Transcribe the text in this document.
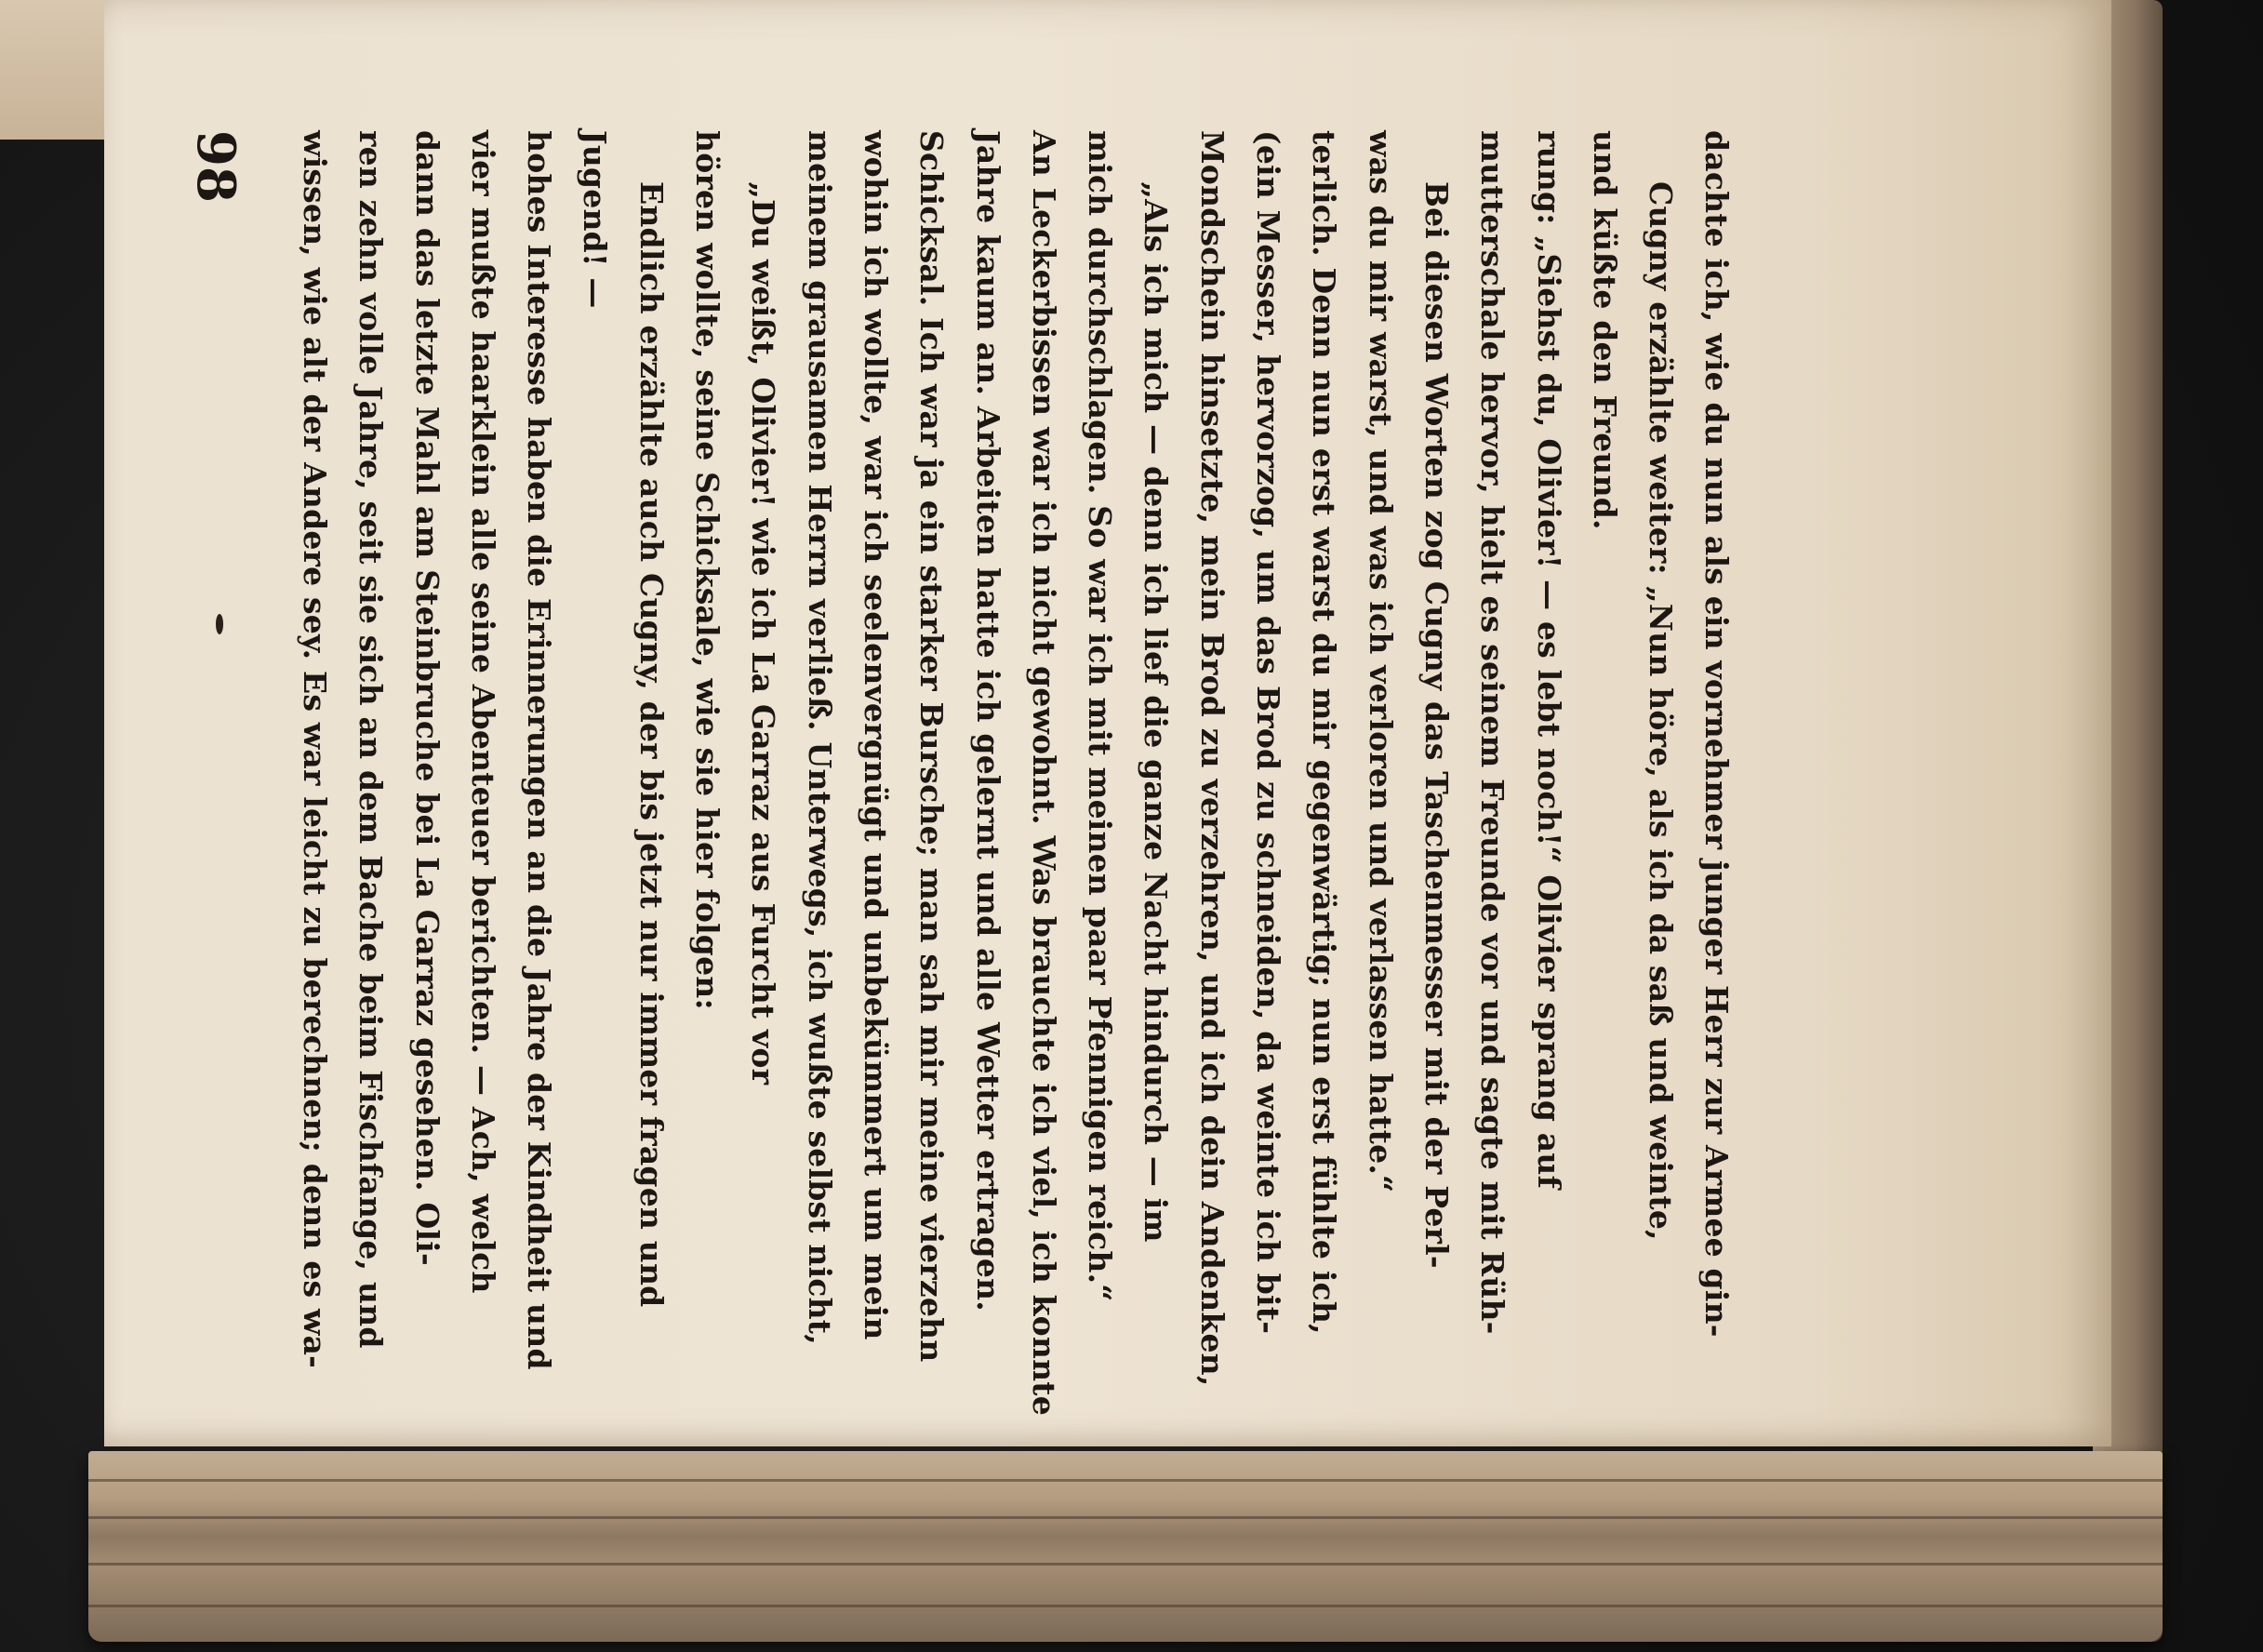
98 wissen, wie alt der Andere sey. Es war leicht zu berechnen; denn es wa- ren zehn volle Jahre, seit sie sich an dem Bache beim Fischfange, und dann das letzte Mahl am Steinbruche bei La Garraz gesehen. Oli- vier mußte haarklein alle seine Abenteuer berichten. — Ach, welch hohes Interesse haben die Erinnerungen an die Jahre der Kindheit und Jugend! — Endlich erzählte auch Cugny, der bis jetzt nur immer fragen und hören wollte, seine Schicksale, wie sie hier folgen: „Du weißt, Olivier! wie ich La Garraz aus Furcht vor meinem grausamen Herrn verließ. Unterwegs, ich wußte selbst nicht, wohin ich wollte, war ich seelenvergnügt und unbekümmert um mein Schicksal. Ich war ja ein starker Bursche; man sah mir meine vierzehn Jahre kaum an. Arbeiten hatte ich gelernt und alle Wetter ertragen. An Leckerbissen war ich nicht gewohnt. Was brauchte ich viel, ich konnte mich durchschlagen. So war ich mit meinen paar Pfennigen reich.“ „Als ich mich — denn ich lief die ganze Nacht hindurch — im Mondschein hinsetzte, mein Brod zu verzehren, und ich dein Andenken, (ein Messer, hervorzog, um das Brod zu schneiden, da weinte ich bit- terlich. Denn nun erst warst du mir gegenwärtig; nun erst fühlte ich, was du mir warst, und was ich verloren und verlassen hatte.“ Bei diesen Worten zog Cugny das Taschenmesser mit der Perl- mutterschale hervor, hielt es seinem Freunde vor und sagte mit Rüh- rung: „Siehst du, Olivier! — es lebt noch!“ Olivier sprang auf und küßte den Freund. Cugny erzählte weiter: „Nun höre, als ich da saß und weinte, dachte ich, wie du nun als ein vornehmer junger Herr zur Armee gin-
